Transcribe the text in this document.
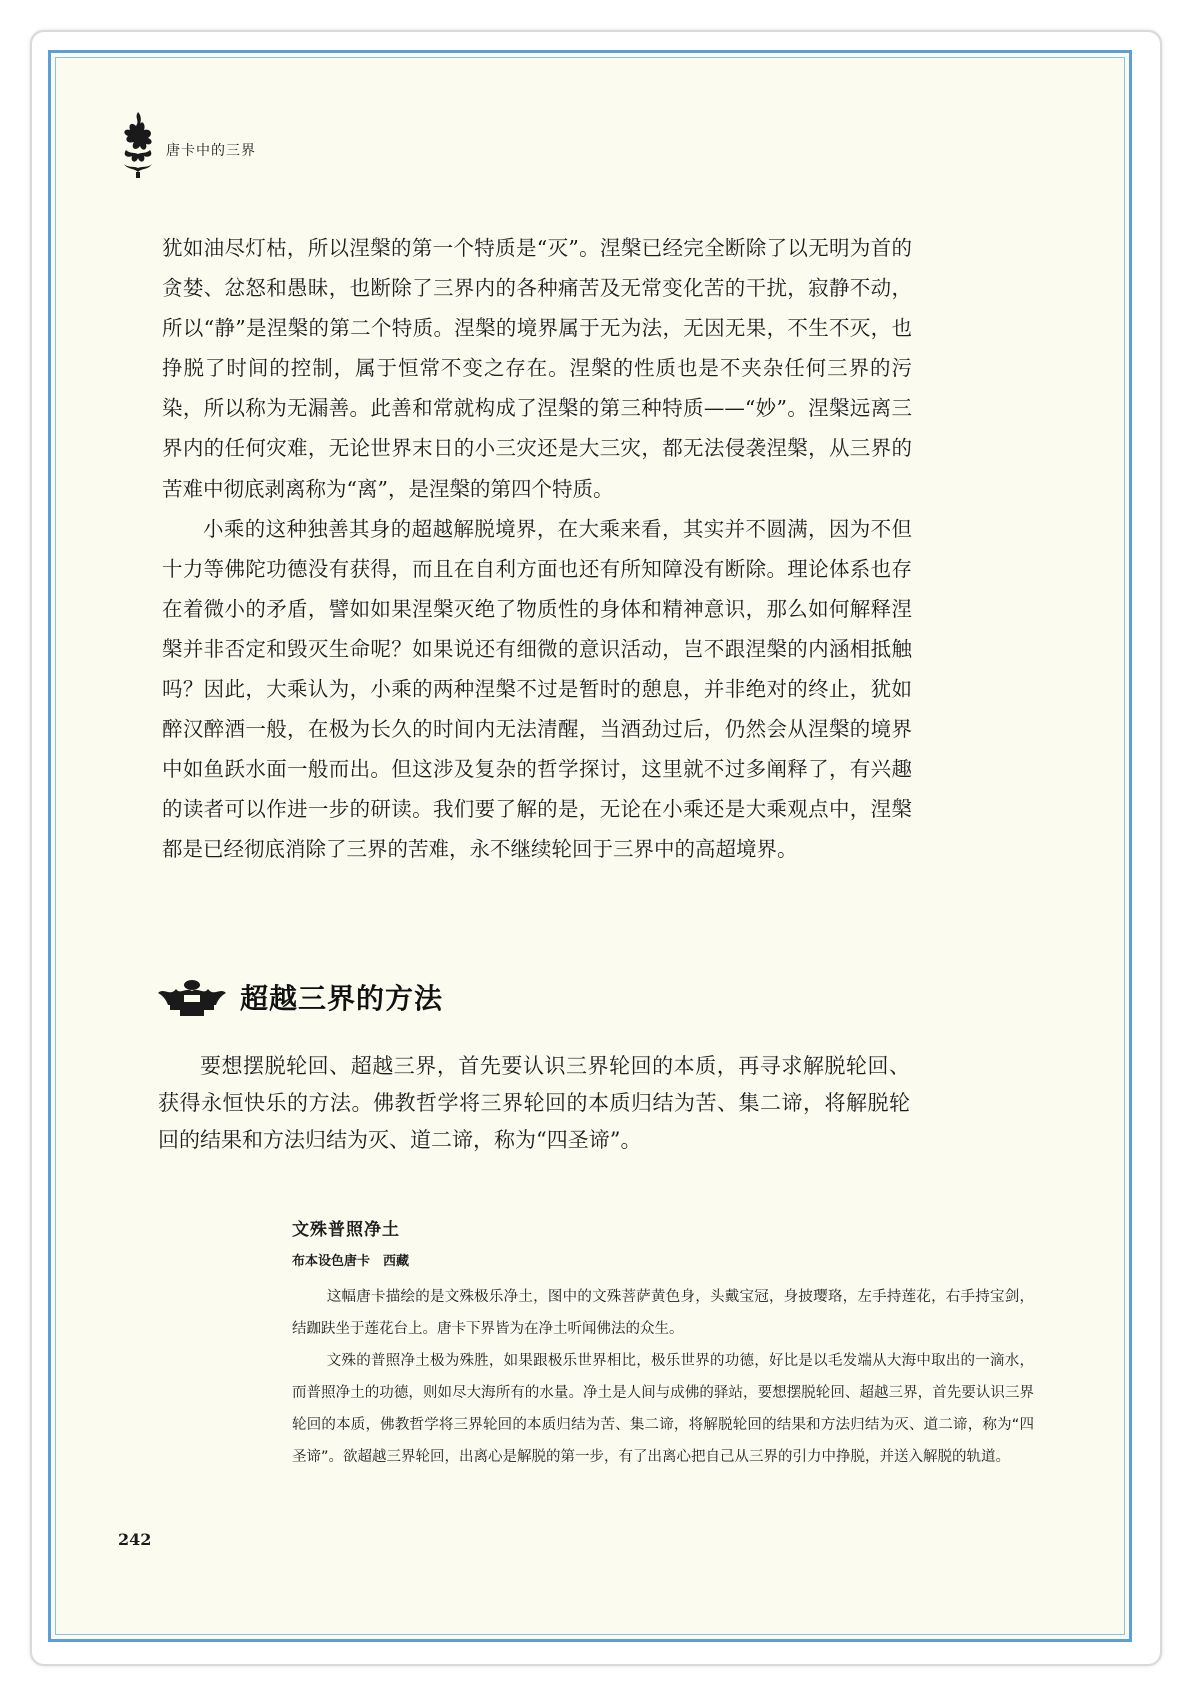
唐卡中的三界

犹如油尽灯枯，所以涅槃的第一个特质是“灭”。涅槃已经完全断除了以无明为首的贪婪、忿怒和愚昧，也断除了三界内的各种痛苦及无常变化苦的干扰，寂静不动，所以“静”是涅槃的第二个特质。涅槃的境界属于无为法，无因无果，不生不灭，也挣脱了时间的控制，属于恒常不变之存在。涅槃的性质也是不夹杂任何三界的污染，所以称为无漏善。此善和常就构成了涅槃的第三种特质——“妙”。涅槃远离三界内的任何灾难，无论世界末日的小三灾还是大三灾，都无法侵袭涅槃，从三界的苦难中彻底剥离称为“离”，是涅槃的第四个特质。

小乘的这种独善其身的超越解脱境界，在大乘来看，其实并不圆满，因为不但十力等佛陀功德没有获得，而且在自利方面也还有所知障没有断除。理论体系也存在着微小的矛盾，譬如如果涅槃灭绝了物质性的身体和精神意识，那么如何解释涅槃并非否定和毁灭生命呢？如果说还有细微的意识活动，岂不跟涅槃的内涵相抵触吗？因此，大乘认为，小乘的两种涅槃不过是暂时的憩息，并非绝对的终止，犹如醉汉醉酒一般，在极为长久的时间内无法清醒，当酒劲过后，仍然会从涅槃的境界中如鱼跃水面一般而出。但这涉及复杂的哲学探讨，这里就不过多阐释了，有兴趣的读者可以作进一步的研读。我们要了解的是，无论在小乘还是大乘观点中，涅槃都是已经彻底消除了三界的苦难，永不继续轮回于三界中的高超境界。

超越三界的方法

要想摆脱轮回、超越三界，首先要认识三界轮回的本质，再寻求解脱轮回、获得永恒快乐的方法。佛教哲学将三界轮回的本质归结为苦、集二谛，将解脱轮回的结果和方法归结为灭、道二谛，称为“四圣谛”。

文殊普照净土
布本设色唐卡　西藏

这幅唐卡描绘的是文殊极乐净土，图中的文殊菩萨黄色身，头戴宝冠，身披璎珞，左手持莲花，右手持宝剑，结跏趺坐于莲花台上。唐卡下界皆为在净土听闻佛法的众生。

文殊的普照净土极为殊胜，如果跟极乐世界相比，极乐世界的功德，好比是以毛发端从大海中取出的一滴水，而普照净土的功德，则如尽大海所有的水量。净土是人间与成佛的驿站，要想摆脱轮回、超越三界，首先要认识三界轮回的本质，佛教哲学将三界轮回的本质归结为苦、集二谛，将解脱轮回的结果和方法归结为灭、道二谛，称为“四圣谛”。欲超越三界轮回，出离心是解脱的第一步，有了出离心把自己从三界的引力中挣脱，并送入解脱的轨道。

242
